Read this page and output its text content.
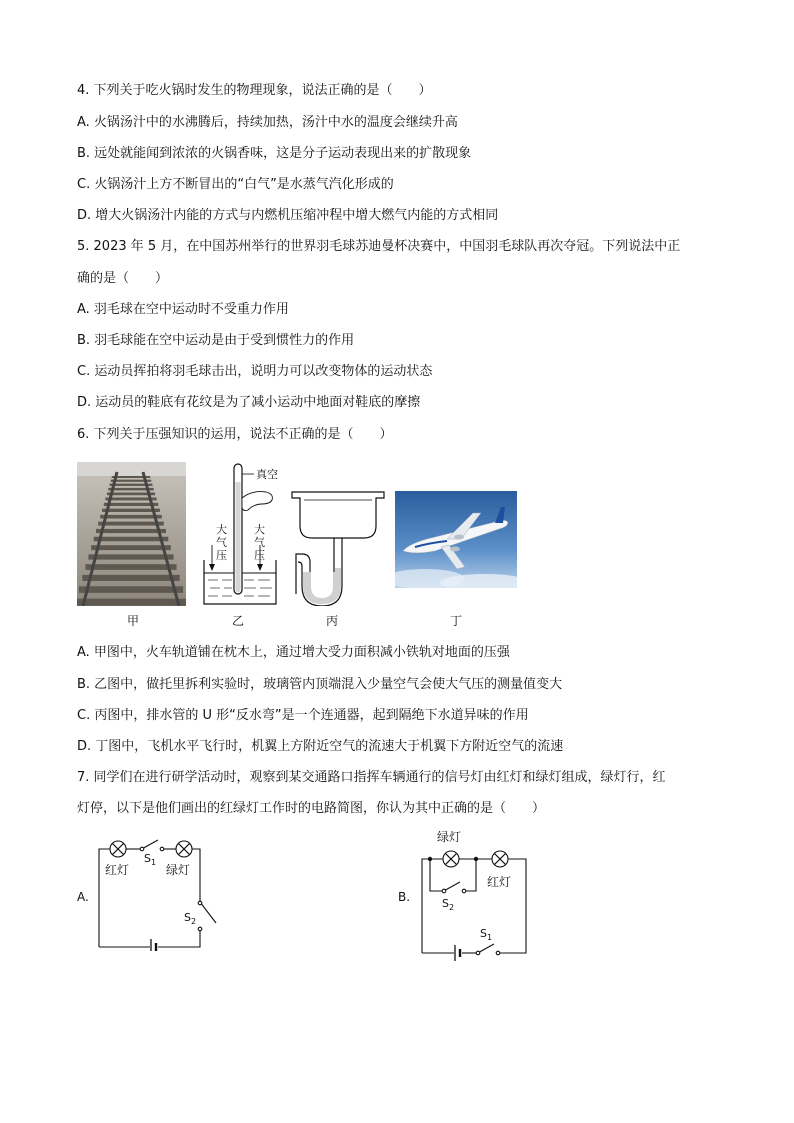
4. 下列关于吃火锅时发生的物理现象，说法正确的是（　　）
A. 火锅汤汁中的水沸腾后，持续加热，汤汁中水的温度会继续升高
B. 远处就能闻到浓浓的火锅香味，这是分子运动表现出来的扩散现象
C. 火锅汤汁上方不断冒出的“白气”是水蒸气汽化形成的
D. 增大火锅汤汁内能的方式与内燃机压缩冲程中增大燃气内能的方式相同
5. 2023 年 5 月，在中国苏州举行的世界羽毛球苏迪曼杯决赛中，中国羽毛球队再次夺冠。下列说法中正
确的是（　　）
A. 羽毛球在空中运动时不受重力作用
B. 羽毛球能在空中运动是由于受到惯性力的作用
C. 运动员挥拍将羽毛球击出，说明力可以改变物体的运动状态
D. 运动员的鞋底有花纹是为了减小运动中地面对鞋底的摩擦
6. 下列关于压强知识的运用，说法不正确的是（　　）
真空
大气压
大气压
甲	乙	丙	丁
A. 甲图中，火车轨道铺在枕木上，通过增大受力面积减小铁轨对地面的压强
B. 乙图中，做托里拆利实验时，玻璃管内顶端混入少量空气会使大气压的测量值变大
C. 丙图中，排水管的 U 形“反水弯”是一个连通器，起到隔绝下水道异味的作用
D. 丁图中，飞机水平飞行时，机翼上方附近空气的流速大于机翼下方附近空气的流速
7. 同学们在进行研学活动时，观察到某交通路口指挥车辆通行的信号灯由红灯和绿灯组成，绿灯行，红
灯停，以下是他们画出的红绿灯工作时的电路简图，你认为其中正确的是（　　）
A.
红灯	绿灯
$S_1$
$S_2$
B.
绿灯
红灯
$S_2$
$S_1$
